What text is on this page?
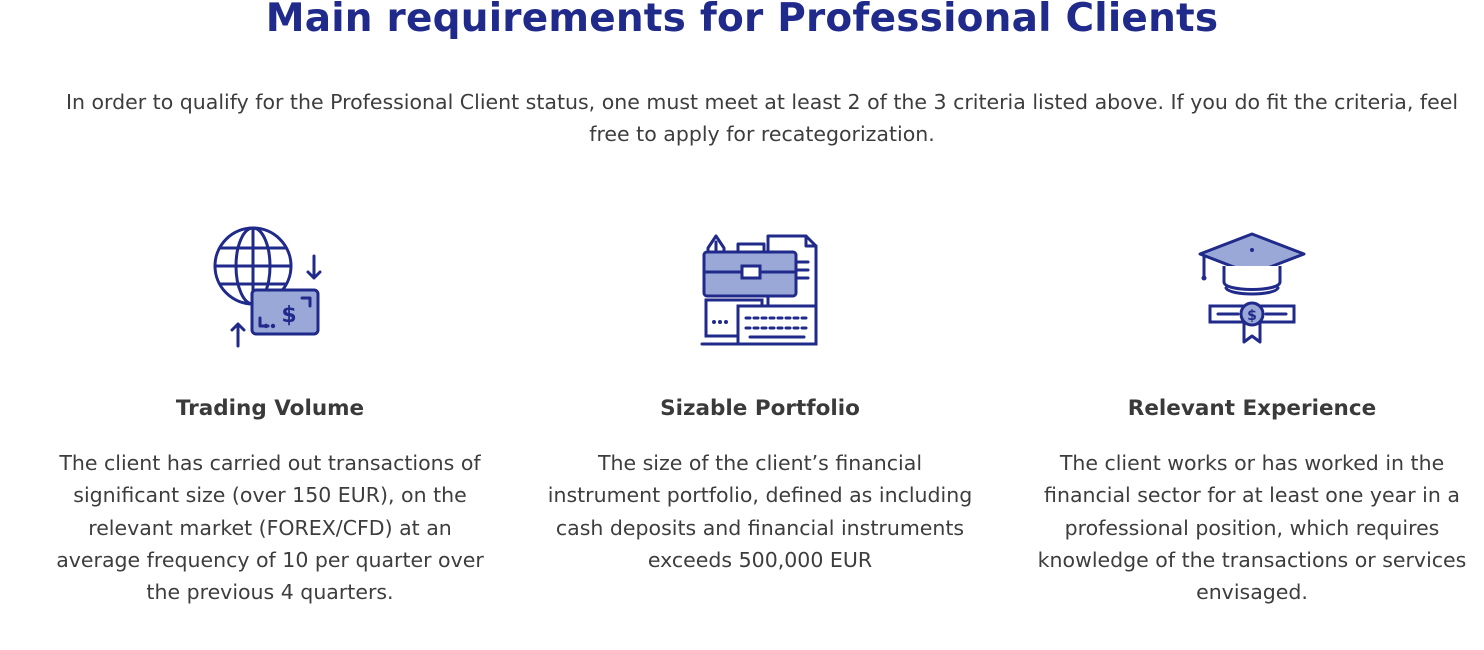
Main requirements for Professional Clients

In order to qualify for the Professional Client status, one must meet at least 2 of the 3 criteria listed above. If you do fit the criteria, feel free to apply for recategorization.

$
Trading Volume
The client has carried out transactions of significant size (over 150 EUR), on the relevant market (FOREX/CFD) at an average frequency of 10 per quarter over the previous 4 quarters.
Sizable Portfolio
The size of the client’s financial instrument portfolio, defined as including cash deposits and financial instruments exceeds 500,000 EUR
$
Relevant Experience
The client works or has worked in the financial sector for at least one year in a professional position, which requires knowledge of the transactions or services envisaged.
